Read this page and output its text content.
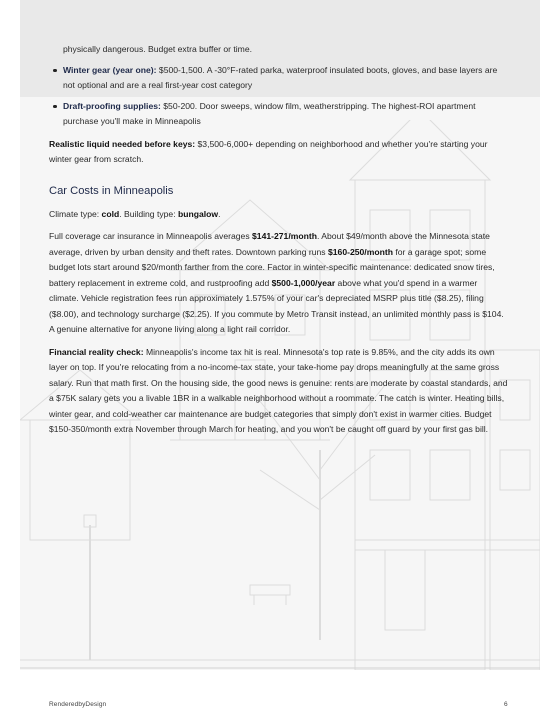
physically dangerous. Budget extra buffer or time.

Winter gear (year one): $500-1,500. A -30°F-rated parka, waterproof insulated boots, gloves, and base layers are not optional and are a real first-year cost category
Draft-proofing supplies: $50-200. Door sweeps, window film, weatherstripping. The highest-ROI apartment purchase you'll make in Minneapolis

Realistic liquid needed before keys: $3,500-6,000+ depending on neighborhood and whether you're starting your winter gear from scratch.

Car Costs in Minneapolis

Climate type: cold. Building type: bungalow.

Full coverage car insurance in Minneapolis averages $141-271/month. About $49/month above the Minnesota state average, driven by urban density and theft rates. Downtown parking runs $160-250/month for a garage spot; some budget lots start around $20/month farther from the core. Factor in winter-specific maintenance: dedicated snow tires, battery replacement in extreme cold, and rustproofing add $500-1,000/year above what you'd spend in a warmer climate. Vehicle registration fees run approximately 1.575% of your car's depreciated MSRP plus title ($8.25), filing ($8.00), and technology surcharge ($2.25). If you commute by Metro Transit instead, an unlimited monthly pass is $104. A genuine alternative for anyone living along a light rail corridor.

Financial reality check: Minneapolis's income tax hit is real. Minnesota's top rate is 9.85%, and the city adds its own layer on top. If you're relocating from a no-income-tax state, your take-home pay drops meaningfully at the same gross salary. Run that math first. On the housing side, the good news is genuine: rents are moderate by coastal standards, and a $75K salary gets you a livable 1BR in a walkable neighborhood without a roommate. The catch is winter. Heating bills, winter gear, and cold-weather car maintenance are budget categories that simply don't exist in warmer cities. Budget $150-350/month extra November through March for heating, and you won't be caught off guard by your first gas bill.

RenderedbyDesign	6
